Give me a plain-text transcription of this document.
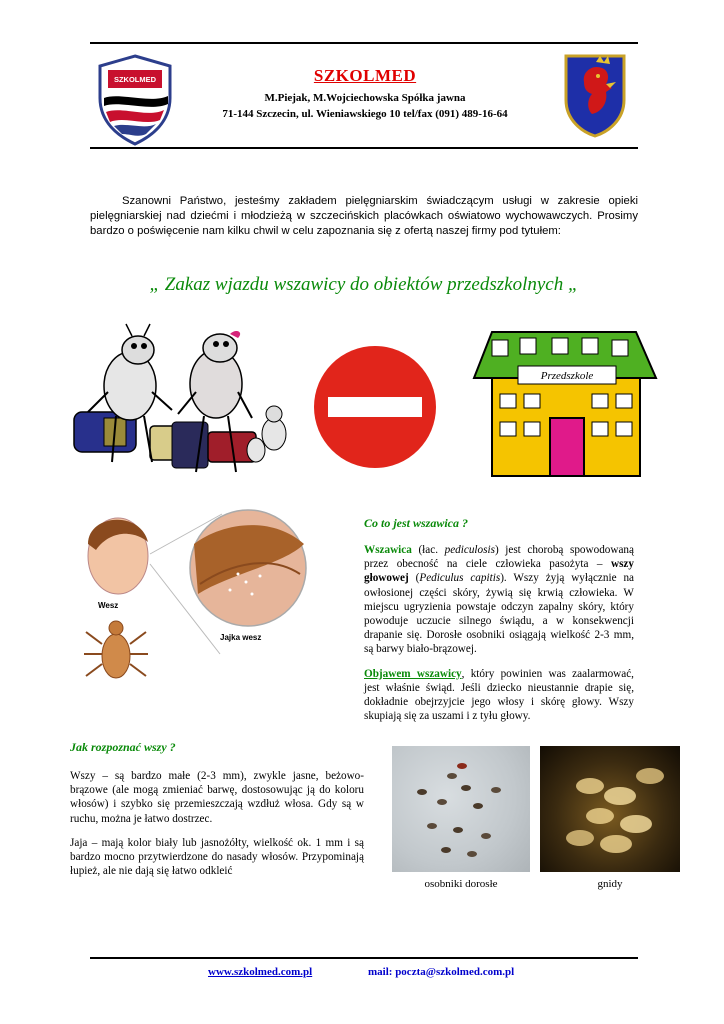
SZKOLMED	SZKOLMED
M.Piejak, M.Wojciechowska Spółka jawna
71-144 Szczecin, ul. Wieniawskiego 10 tel/fax (091) 489-16-64
Szanowni Państwo, jesteśmy zakładem pielęgniarskim świadczącym usługi w zakresie opieki pielęgniarskiej nad dziećmi i młodzieżą w szczecińskich placówkach oświatowo wychowawczych. Prosimy bardzo o poświęcenie nam kilku chwil w celu zapoznania się z ofertą naszej firmy pod tytułem:
„ Zakaz wjazdu wszawicy do obiektów przedszkolnych „
Przedszkole
Jajka wesz
Wesz
Co to jest wszawica ?
Wszawica (łac. pediculosis) jest chorobą spowodowaną przez obecność na ciele człowieka pasożyta – wszy głowowej (Pediculus capitis). Wszy żyją wyłącznie na owłosionej części skóry, żywią się krwią człowieka. W miejscu ugryzienia powstaje odczyn zapalny skóry, który powoduje uczucie silnego świądu, a w konsekwencji drapanie się. Dorosłe osobniki osiągają wielkość 2-3 mm, są barwy biało-brązowej.
Objawem wszawicy, który powinien was zaalarmować, jest właśnie świąd. Jeśli dziecko nieustannie drapie się, dokładnie obejrzyjcie jego włosy i skórę głowy. Wszy skupiają się za uszami i z tyłu głowy.
Jak rozpoznać wszy ?
Wszy – są bardzo małe (2-3 mm), zwykle jasne, beżowo-brązowe (ale mogą zmieniać barwę, dostosowując ją do koloru włosów) i szybko się przemieszczają wzdłuż włosa. Gdy są w ruchu, można je łatwo dostrzec.
Jaja – mają kolor biały lub jasnożółty, wielkość ok. 1 mm i są bardzo mocno przytwierdzone do nasady włosów. Przypominają łupież, ale nie dają się łatwo odkleić
osobniki dorosłe	gnidy
www.szkolmed.com.pl	mail: poczta@szkolmed.com.pl
